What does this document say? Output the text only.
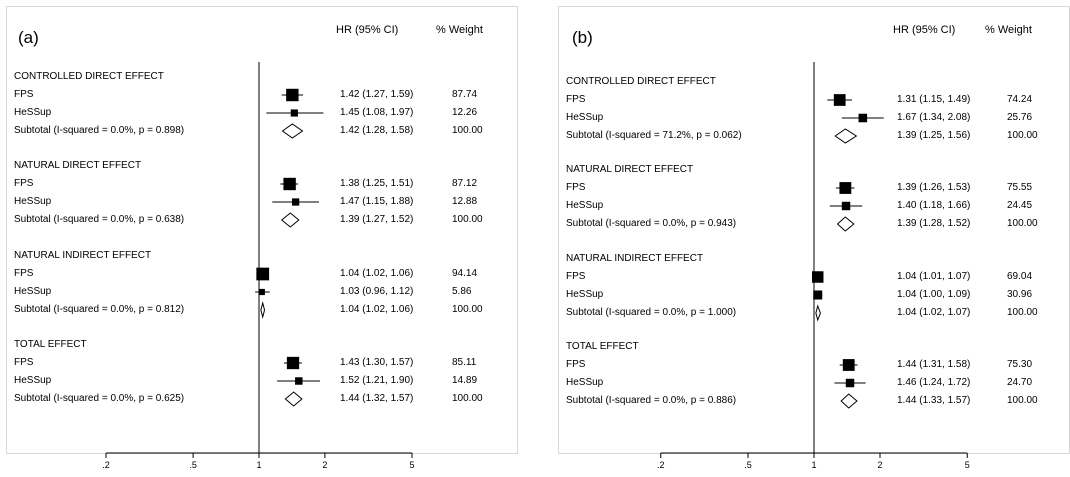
(a)	HR (95% CI)	% Weight
CONTROLLED DIRECT EFFECT
FPS	1.42 (1.27, 1.59)	87.74
HeSSup	1.45 (1.08, 1.97)	12.26
Subtotal (I-squared = 0.0%, p = 0.898)	1.42 (1.28, 1.58)	100.00
NATURAL DIRECT EFFECT
FPS	1.38 (1.25, 1.51)	87.12
HeSSup	1.47 (1.15, 1.88)	12.88
Subtotal (I-squared = 0.0%, p = 0.638)	1.39 (1.27, 1.52)	100.00
NATURAL INDIRECT EFFECT
FPS	1.04 (1.02, 1.06)	94.14
HeSSup	1.03 (0.96, 1.12)	5.86
Subtotal (I-squared = 0.0%, p = 0.812)	1.04 (1.02, 1.06)	100.00
TOTAL EFFECT
FPS	1.43 (1.30, 1.57)	85.11
HeSSup	1.52 (1.21, 1.90)	14.89
Subtotal (I-squared = 0.0%, p = 0.625)	1.44 (1.32, 1.57)	100.00
(b)	HR (95% CI)	% Weight
CONTROLLED DIRECT EFFECT
FPS	1.31 (1.15, 1.49)	74.24
HeSSup	1.67 (1.34, 2.08)	25.76
Subtotal (I-squared = 71.2%, p = 0.062)	1.39 (1.25, 1.56)	100.00
NATURAL DIRECT EFFECT
FPS	1.39 (1.26, 1.53)	75.55
HeSSup	1.40 (1.18, 1.66)	24.45
Subtotal (I-squared = 0.0%, p = 0.943)	1.39 (1.28, 1.52)	100.00
NATURAL INDIRECT EFFECT
FPS	1.04 (1.01, 1.07)	69.04
HeSSup	1.04 (1.00, 1.09)	30.96
Subtotal (I-squared = 0.0%, p = 1.000)	1.04 (1.02, 1.07)	100.00
TOTAL EFFECT
FPS	1.44 (1.31, 1.58)	75.30
HeSSup	1.46 (1.24, 1.72)	24.70
Subtotal (I-squared = 0.0%, p = 0.886)	1.44 (1.33, 1.57)	100.00
.2	.5	1	2	5	.2	.5	1	2	5
